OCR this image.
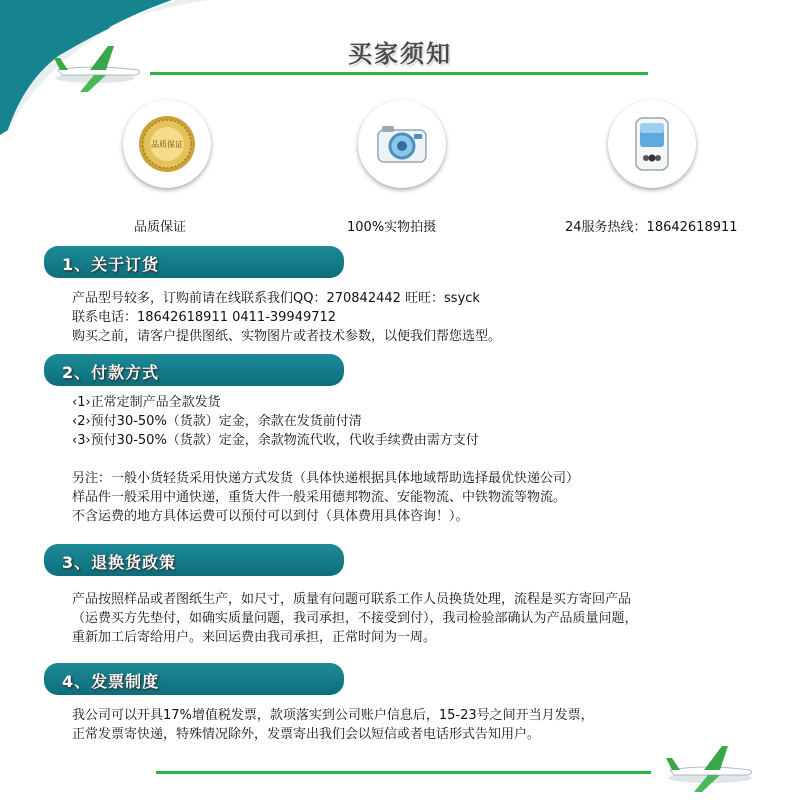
买家须知
品质保证
品质保证	100%实物拍摄	24服务热线：18642618911
1、关于订货
产品型号较多，订购前请在线联系我们QQ：270842442 旺旺：ssyck
联系电话：18642618911 0411-39949712
购买之前，请客户提供图纸、实物图片或者技术参数，以便我们帮您选型。
2、付款方式
‹1›正常定制产品全款发货
‹2›预付30-50%（货款）定金，余款在发货前付清
‹3›预付30-50%（货款）定金，余款物流代收，代收手续费由需方支付
另注：一般小货轻货采用快递方式发货（具体快递根据具体地域帮助选择最优快递公司）
样品件一般采用中通快递，重货大件一般采用德邦物流、安能物流、中铁物流等物流。
不含运费的地方具体运费可以预付可以到付（具体费用具体咨询！）。
3、退换货政策
产品按照样品或者图纸生产，如尺寸，质量有问题可联系工作人员换货处理，流程是买方寄回产品
（运费买方先垫付，如确实质量问题，我司承担，不接受到付），我司检验部确认为产品质量问题，
重新加工后寄给用户。来回运费由我司承担，正常时间为一周。
4、发票制度
我公司可以开具17%增值税发票，款项落实到公司账户信息后，15-23号之间开当月发票，
正常发票寄快递，特殊情况除外，发票寄出我们会以短信或者电话形式告知用户。
